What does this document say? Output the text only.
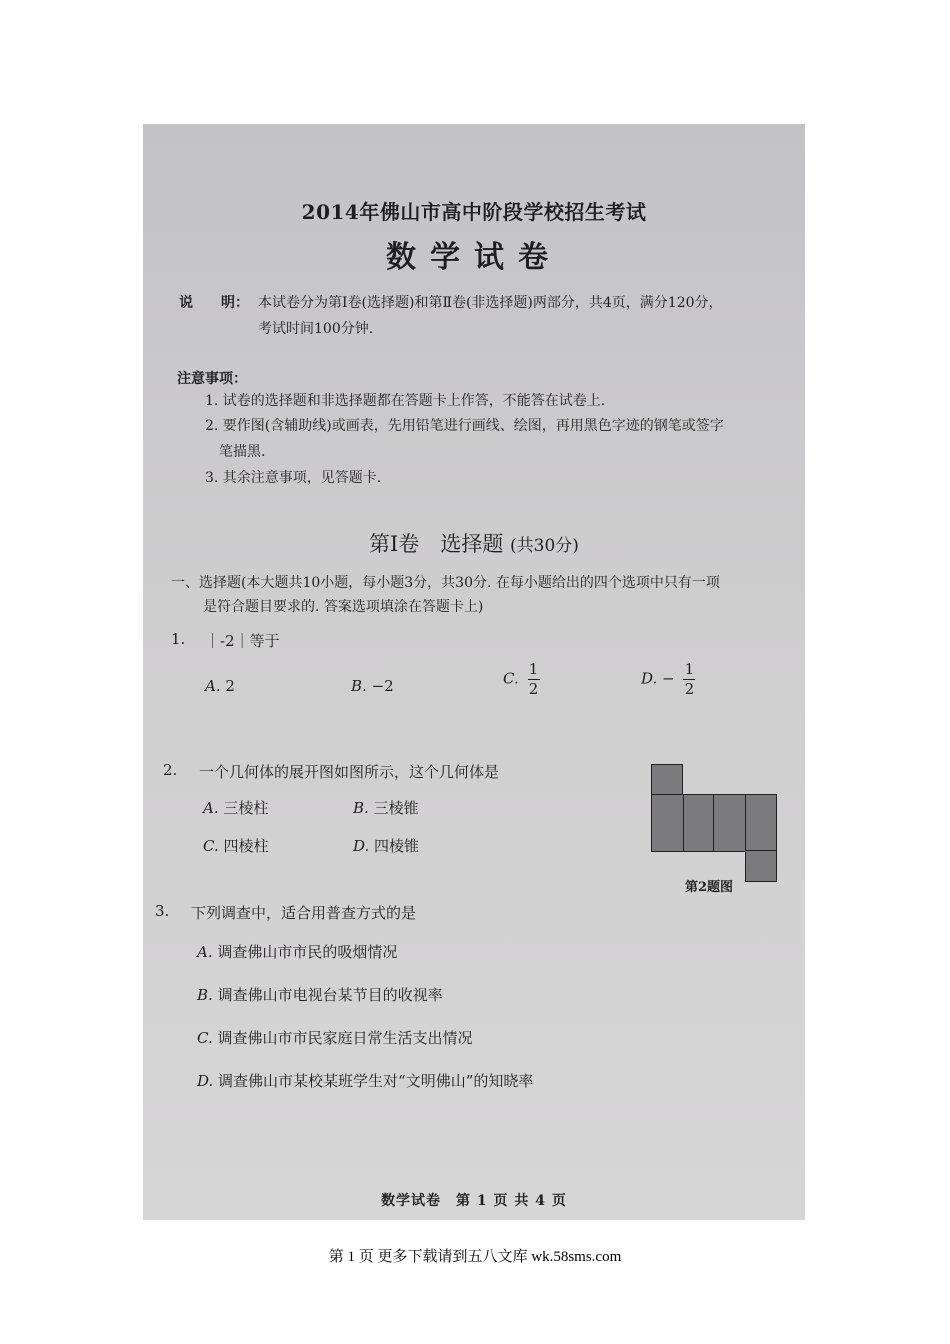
2014年佛山市高中阶段学校招生考试
数学试卷
说　　明： 本试卷分为第Ⅰ卷(选择题)和第Ⅱ卷(非选择题)两部分，共4页，满分120分，
考试时间100分钟.
注意事项：
1. 试卷的选择题和非选择题都在答题卡上作答，不能答在试卷上.
2. 要作图(含辅助线)或画表，先用铅笔进行画线、绘图，再用黑色字迹的钢笔或签字
笔描黑.
3. 其余注意事项，见答题卡.
第Ⅰ卷　选择题 (共30分)
一、选择题(本大题共10小题，每小题3分，共30分. 在每小题给出的四个选项中只有一项
是符合题目要求的. 答案选项填涂在答题卡上)
1. ｜-2｜等于
A. 2	B. −2	C. $\frac{1}{2}$	D. − $\frac{1}{2}$
2. 一个几何体的展开图如图所示，这个几何体是
A. 三棱柱	B. 三棱锥
C. 四棱柱	D. 四棱锥
第2题图
3. 下列调查中，适合用普查方式的是
A. 调查佛山市市民的吸烟情况
B. 调查佛山市电视台某节目的收视率
C. 调查佛山市市民家庭日常生活支出情况
D. 调查佛山市某校某班学生对“文明佛山”的知晓率
数学试卷　第 1 页 共 4 页
第 1 页 更多下载请到五八文库 wk.58sms.com
